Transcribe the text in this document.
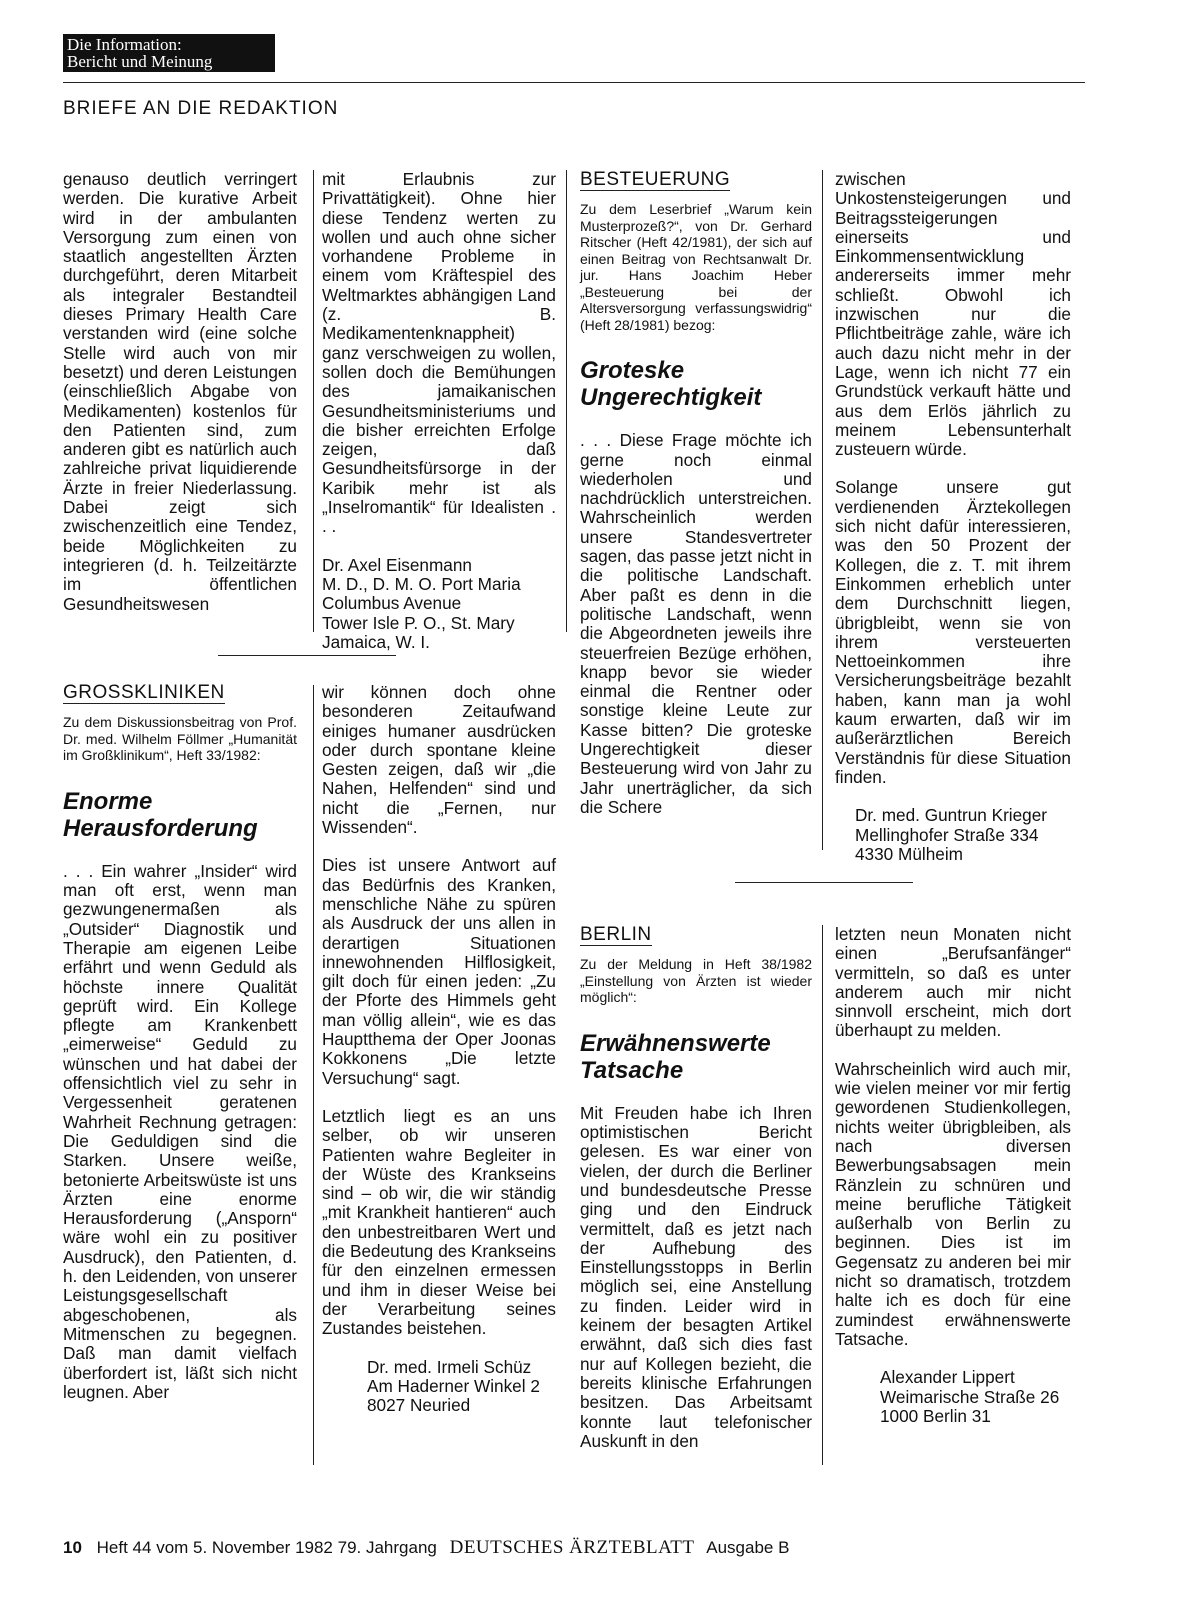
Die Information:
Bericht und Meinung
BRIEFE AN DIE REDAKTION

genauso deutlich verringert werden. Die kurative Arbeit wird in der ambulanten Versorgung zum einen von staatlich angestellten Ärzten durchgeführt, deren Mitarbeit als integraler Bestandteil dieses Primary Health Care verstanden wird (eine solche Stelle wird auch von mir besetzt) und deren Leistungen (einschließlich Abgabe von Medikamenten) kostenlos für den Patienten sind, zum anderen gibt es natürlich auch zahlreiche privat liquidierende Ärzte in freier Niederlassung. Dabei zeigt sich zwischenzeitlich eine Tendez, beide Möglichkeiten zu integrieren (d. h. Teilzeitärzte im öffentlichen Gesundheitswesen

mit Erlaubnis zur Privattätigkeit). Ohne hier diese Tendenz werten zu wollen und auch ohne sicher vorhandene Probleme in einem vom Kräftespiel des Weltmarktes abhängigen Land (z. B. Medikamentenknappheit) ganz verschweigen zu wollen, sollen doch die Bemühungen des jamaikanischen Gesundheitsministeriums und die bisher erreichten Erfolge zeigen, daß Gesundheitsfürsorge in der Karibik mehr ist als „Inselromantik“ für Idealisten . . .

Dr. Axel Eisenmann
M. D., D. M. O. Port Maria
Columbus Avenue
Tower Isle P. O., St. Mary
Jamaica, W. I.
GROSSKLINIKEN
Zu dem Diskussionsbeitrag von Prof. Dr. med. Wilhelm Föllmer „Humanität im Großklinikum“, Heft 33/1982:
Enorme
Herausforderung

. . . Ein wahrer „Insider“ wird man oft erst, wenn man gezwungenermaßen als „Outsider“ Diagnostik und Therapie am eigenen Leibe erfährt und wenn Geduld als höchste innere Qualität geprüft wird. Ein Kollege pflegte am Krankenbett „eimerweise“ Geduld zu wünschen und hat dabei der offensichtlich viel zu sehr in Vergessenheit geratenen Wahrheit Rechnung getragen: Die Geduldigen sind die Starken. Unsere weiße, betonierte Arbeitswüste ist uns Ärzten eine enorme Herausforderung („Ansporn“ wäre wohl ein zu positiver Ausdruck), den Patienten, d. h. den Leidenden, von unserer Leistungsgesellschaft abgeschobenen, als Mitmenschen zu begegnen. Daß man damit vielfach überfordert ist, läßt sich nicht leugnen. Aber

wir können doch ohne besonderen Zeitaufwand einiges humaner ausdrücken oder durch spontane kleine Gesten zeigen, daß wir „die Nahen, Helfenden“ sind und nicht die „Fernen, nur Wissenden“.

Dies ist unsere Antwort auf das Bedürfnis des Kranken, menschliche Nähe zu spüren als Ausdruck der uns allen in derartigen Situationen innewohnenden Hilflosigkeit, gilt doch für einen jeden: „Zu der Pforte des Himmels geht man völlig allein“, wie es das Hauptthema der Oper Joonas Kokkonens „Die letzte Versuchung“ sagt.

Letztlich liegt es an uns selber, ob wir unseren Patienten wahre Begleiter in der Wüste des Krankseins sind – ob wir, die wir ständig „mit Krankheit hantieren“ auch den unbestreitbaren Wert und die Bedeutung des Krankseins für den einzelnen ermessen und ihm in dieser Weise bei der Verarbeitung seines Zustandes beistehen.

Dr. med. Irmeli Schüz
Am Haderner Winkel 2
8027 Neuried
BESTEUERUNG
Zu dem Leserbrief „Warum kein Musterprozeß?“, von Dr. Gerhard Ritscher (Heft 42/1981), der sich auf einen Beitrag von Rechtsanwalt Dr. jur. Hans Joachim Heber „Besteuerung bei der Altersversorgung verfassungswidrig“ (Heft 28/1981) bezog:
Groteske
Ungerechtigkeit

. . . Diese Frage möchte ich gerne noch einmal wiederholen und nachdrücklich unterstreichen. Wahrscheinlich werden unsere Standesvertreter sagen, das passe jetzt nicht in die politische Landschaft. Aber paßt es denn in die politische Landschaft, wenn die Abgeordneten jeweils ihre steuerfreien Bezüge erhöhen, knapp bevor sie wieder einmal die Rentner oder sonstige kleine Leute zur Kasse bitten? Die groteske Ungerechtigkeit dieser Besteuerung wird von Jahr zu Jahr unerträglicher, da sich die Schere

zwischen Unkostensteigerungen und Beitragssteigerungen einerseits und Einkommensentwicklung andererseits immer mehr schließt. Obwohl ich inzwischen nur die Pflichtbeiträge zahle, wäre ich auch dazu nicht mehr in der Lage, wenn ich nicht 77 ein Grundstück verkauft hätte und aus dem Erlös jährlich zu meinem Lebensunterhalt zusteuern würde.

Solange unsere gut verdienenden Ärztekollegen sich nicht dafür interessieren, was den 50 Prozent der Kollegen, die z. T. mit ihrem Einkommen erheblich unter dem Durchschnitt liegen, übrigbleibt, wenn sie von ihrem versteuerten Nettoeinkommen ihre Versicherungsbeiträge bezahlt haben, kann man ja wohl kaum erwarten, daß wir im außerärztlichen Bereich Verständnis für diese Situation finden.

Dr. med. Guntrun Krieger
Mellinghofer Straße 334
4330 Mülheim
BERLIN
Zu der Meldung in Heft 38/1982 „Einstellung von Ärzten ist wieder möglich“:
Erwähnenswerte
Tatsache

Mit Freuden habe ich Ihren optimistischen Bericht gelesen. Es war einer von vielen, der durch die Berliner und bundesdeutsche Presse ging und den Eindruck vermittelt, daß es jetzt nach der Aufhebung des Einstellungsstopps in Berlin möglich sei, eine Anstellung zu finden. Leider wird in keinem der besagten Artikel erwähnt, daß sich dies fast nur auf Kollegen bezieht, die bereits klinische Erfahrungen besitzen. Das Arbeitsamt konnte laut telefonischer Auskunft in den

letzten neun Monaten nicht einen „Berufsanfänger“ vermitteln, so daß es unter anderem auch mir nicht sinnvoll erscheint, mich dort überhaupt zu melden.

Wahrscheinlich wird auch mir, wie vielen meiner vor mir fertig gewordenen Studienkollegen, nichts weiter übrigbleiben, als nach diversen Bewerbungsabsagen mein Ränzlein zu schnüren und meine berufliche Tätigkeit außerhalb von Berlin zu beginnen. Dies ist im Gegensatz zu anderen bei mir nicht so dramatisch, trotzdem halte ich es doch für eine zumindest erwähnenswerte Tatsache.

Alexander Lippert
Weimarische Straße 26
1000 Berlin 31
10 Heft 44 vom 5. November 1982 79. Jahrgang DEUTSCHES ÄRZTEBLATT Ausgabe B
